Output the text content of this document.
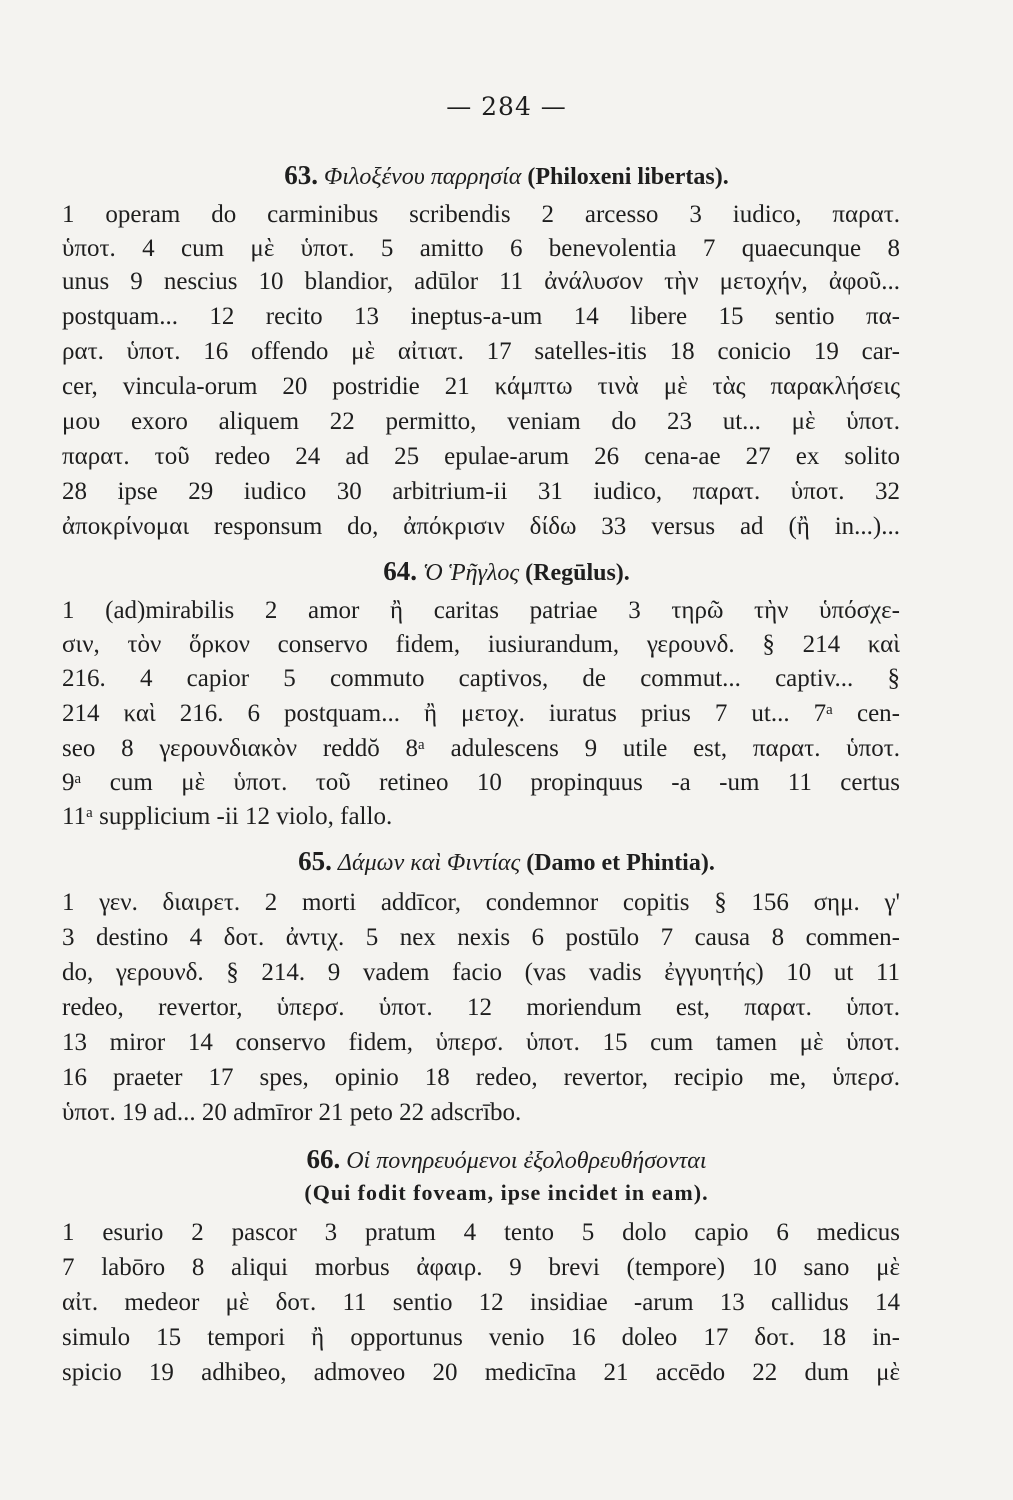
— 284 —
63. Φιλοξένου παρρησία (Philoxeni libertas).
1 operam do carminibus scribendis 2 arcesso 3 iudico, παρατ.
ὑποτ. 4 cum μὲ ὑποτ. 5 amitto 6 benevolentia 7 quaecunque 8
unus 9 nescius 10 blandior, adūlor 11 ἀνάλυσον τὴν μετοχήν, ἀφοῦ...
postquam... 12 recito 13 ineptus-a-um 14 libere 15 sentio πα-
ρατ. ὑποτ. 16 offendo μὲ αἰτιατ. 17 satelles-itis 18 conicio 19 car-
cer, vincula-orum 20 postridie 21 κάμπτω τινὰ μὲ τὰς παρακλήσεις
μου exoro aliquem 22 permitto, veniam do 23 ut... μὲ ὑποτ.
παρατ. τοῦ redeo 24 ad 25 epulae-arum 26 cena-ae 27 ex solito
28 ipse 29 iudico 30 arbitrium-ii 31 iudico, παρατ. ὑποτ. 32
ἀποκρίνομαι responsum do, ἀπόκρισιν δίδω 33 versus ad (ἢ in...)...
64. Ὁ Ῥῆγλος (Regūlus).
1 (ad)mirabilis 2 amor ἢ caritas patriae 3 τηρῶ τὴν ὑπόσχε-
σιν, τὸν ὅρκον conservo fidem, iusiurandum, γερουνδ. § 214 καὶ
216. 4 capior 5 commuto captivos, de commut... captiv... §
214 καὶ 216. 6 postquam... ἢ μετοχ. iuratus prius 7 ut... 7ᵃ cen-
seo 8 γερουνδιακὸν reddŏ 8ᵃ adulescens 9 utile est, παρατ. ὑποτ.
9ᵃ cum μὲ ὑποτ. τοῦ retineo 10 propinquus -a -um 11 certus
11ᵃ supplicium -ii 12 violo, fallo.
65. Δάμων καὶ Φιντίας (Damo et Phintia).
1 γεν. διαιρετ. 2 morti addīcor, condemnor copitis § 156 σημ. γ'
3 destino 4 δοτ. ἀντιχ. 5 nex nexis 6 postūlo 7 causa 8 commen-
do, γερουνδ. § 214. 9 vadem facio (vas vadis ἐγγυητής) 10 ut 11
redeo, revertor, ὑπερσ. ὑποτ. 12 moriendum est, παρατ. ὑποτ.
13 miror 14 conservo fidem, ὑπερσ. ὑποτ. 15 cum tamen μὲ ὑποτ.
16 praeter 17 spes, opinio 18 redeo, revertor, recipio me, ὑπερσ.
ὑποτ. 19 ad... 20 admīror 21 peto 22 adscrībo.
66. Οἱ πονηρευόμενοι ἐξολοθρευθήσονται
(Qui fodit foveam, ipse incidet in eam).
1 esurio 2 pascor 3 pratum 4 tento 5 dolo capio 6 medicus
7 labōro 8 aliqui morbus ἀφαιρ. 9 brevi (tempore) 10 sano μὲ
αἰτ. medeor μὲ δοτ. 11 sentio 12 insidiae -arum 13 callidus 14
simulo 15 tempori ἢ opportunus venio 16 doleo 17 δοτ. 18 in-
spicio 19 adhibeo, admoveo 20 medicīna 21 accēdo 22 dum μὲ
